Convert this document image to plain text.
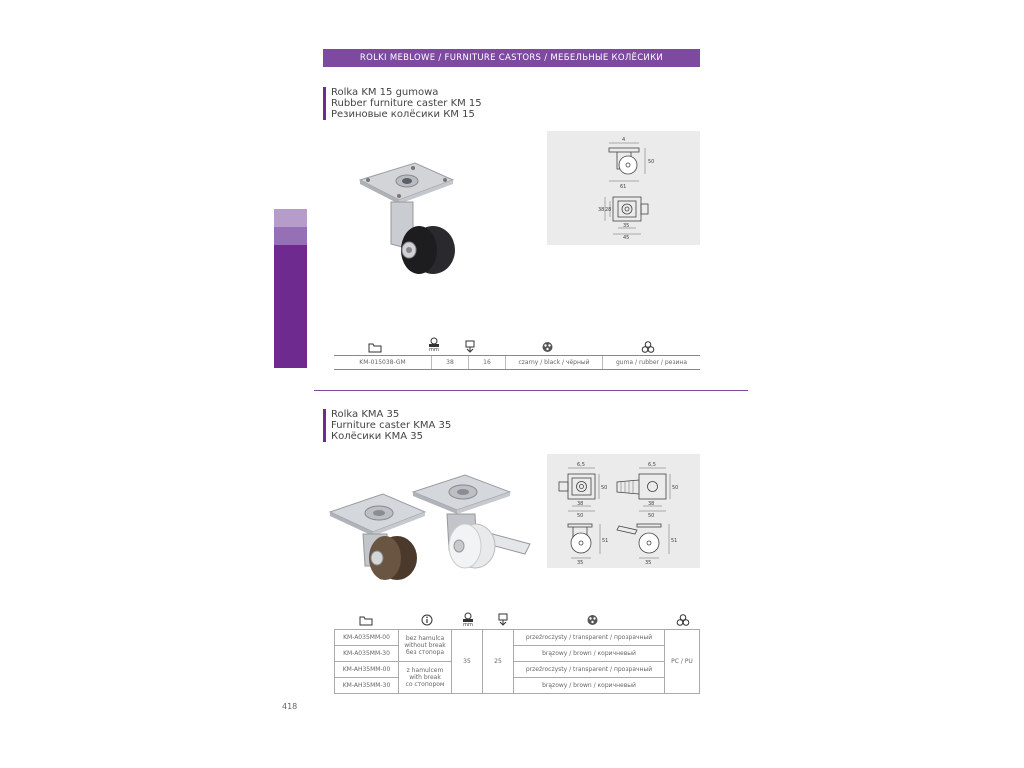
ROLKI MEBLOWE / FURNITURE CASTORS / МЕБЕЛЬНЫЕ КОЛЁСИКИ
Rolka KM 15 gumowa
Rubber furniture caster KM 15
Резиновые колёсики КМ 15
4
50
61
38 28
35
45
mm
KM-015038-GM	38	16	czarny / black / чёрный	guma / rubber / резина
Rolka KMA 35
Furniture caster KMA 35
Колёсики КМА 35
6,5
50
38
50
6,5
50
38
50
51	51
35	35
mm
KM-A035MM-00	bez hamulca
without break
без стопора	35	25	przeźroczysty / transparent / прозрачный	PC / PU
KM-A035MM-30				brązowy / brown / коричневый	
KM-AH35MM-00	z hamulcem
with break
со стопором			przeźroczysty / transparent / прозрачный	
KM-AH35MM-30				brązowy / brown / коричневый	
418
